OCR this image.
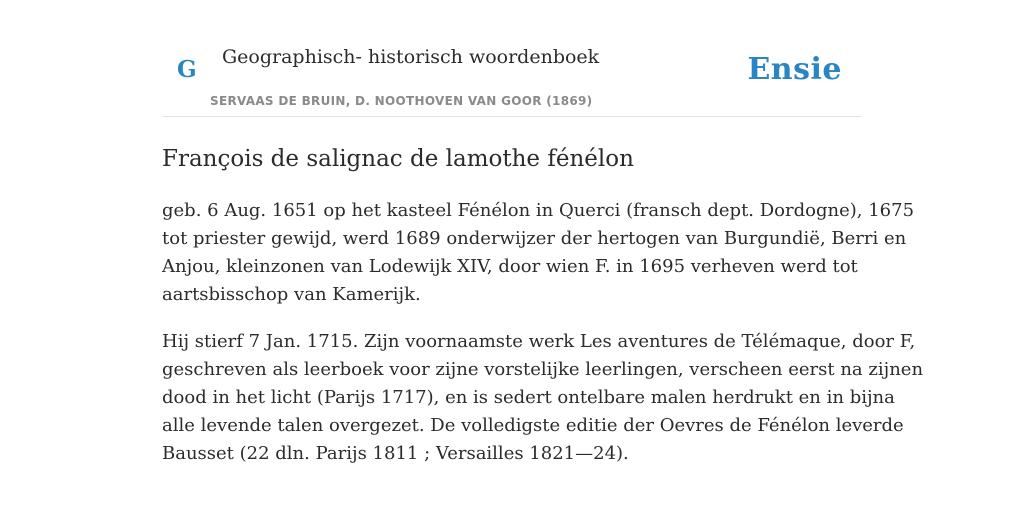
G Geographisch- historisch woordenboek
SERVAAS DE BRUIN, D. NOOTHOVEN VAN GOOR (1869)
Ensie
François de salignac de lamothe fénélon

geb. 6 Aug. 1651 op het kasteel Fénélon in Querci (fransch dept. Dordogne), 1675
tot priester gewijd, werd 1689 onderwijzer der hertogen van Burgundië, Berri en
Anjou, kleinzonen van Lodewijk XIV, door wien F. in 1695 verheven werd tot
aartsbisschop van Kamerijk.

Hij stierf 7 Jan. 1715. Zijn voornaamste werk Les aventures de Télémaque, door F,
geschreven als leerboek voor zijne vorstelijke leerlingen, verscheen eerst na zijnen
dood in het licht (Parijs 1717), en is sedert ontelbare malen herdrukt en in bijna
alle levende talen overgezet. De volledigste editie der Oevres de Fénélon leverde
Bausset (22 dln. Parijs 1811 ; Versailles 1821—24).
